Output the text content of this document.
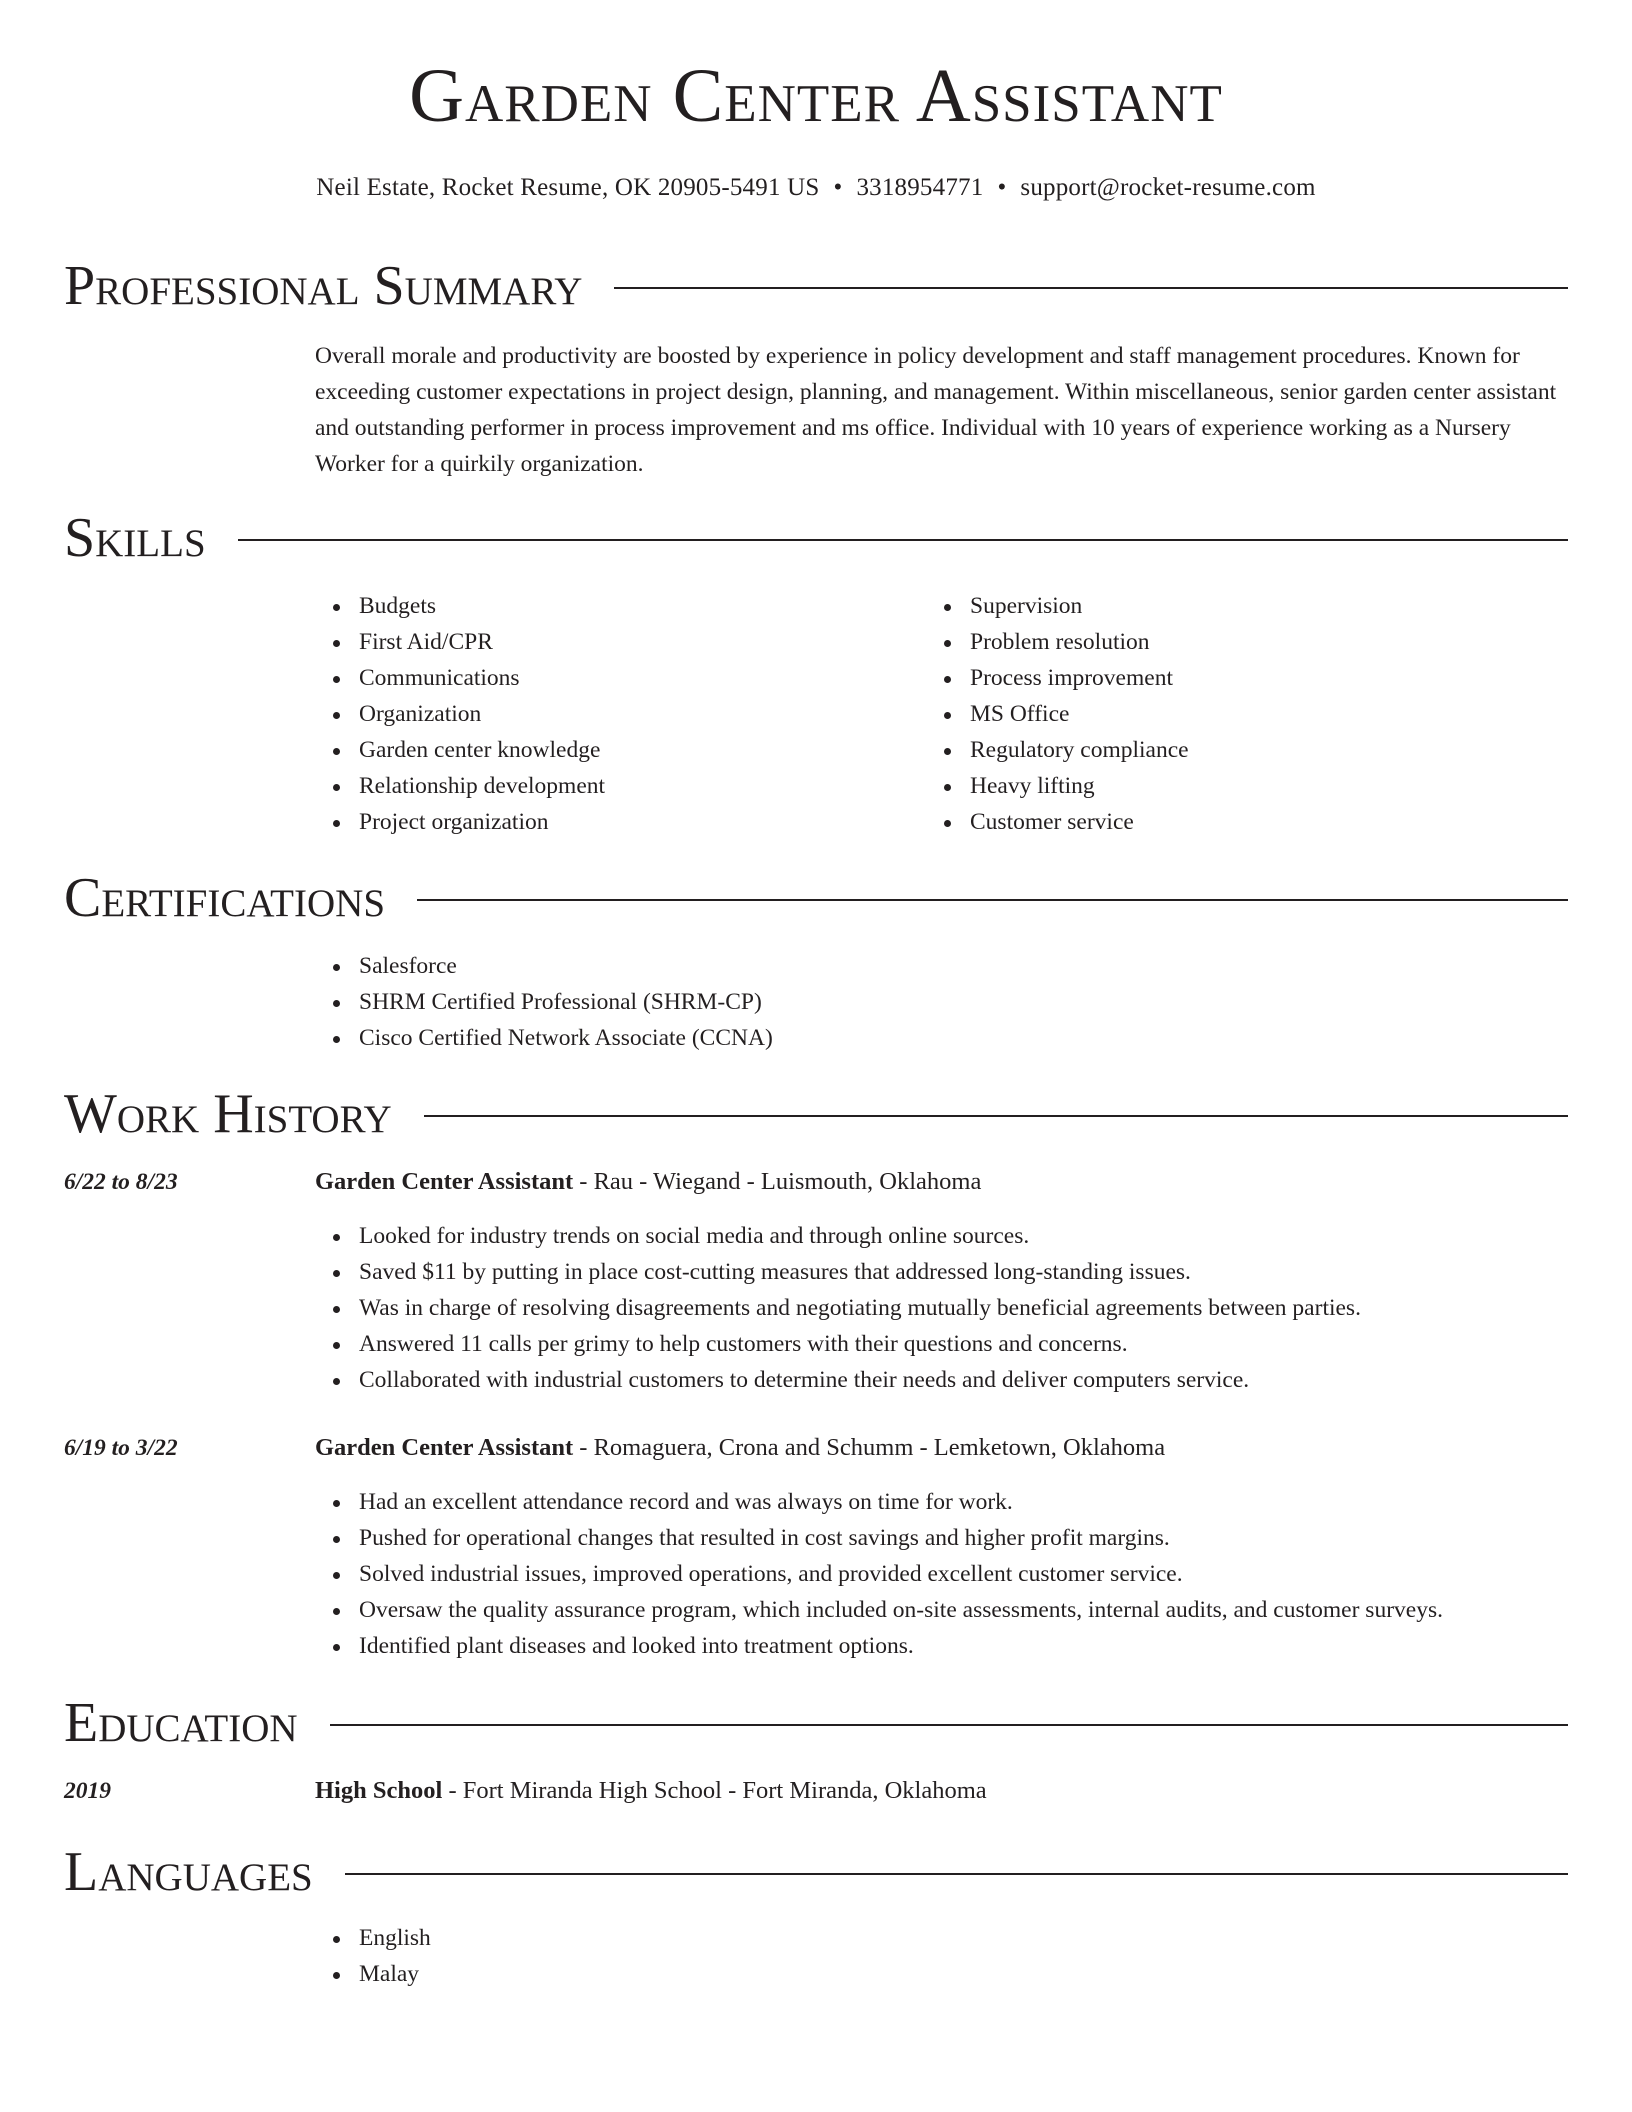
Garden Center Assistant
Neil Estate, Rocket Resume, OK 20905-5491 US • 3318954771 • support@rocket-resume.com
Professional Summary
Overall morale and productivity are boosted by experience in policy development and staff management procedures. Known for exceeding customer expectations in project design, planning, and management. Within miscellaneous, senior garden center assistant and outstanding performer in process improvement and ms office. Individual with 10 years of experience working as a Nursery Worker for a quirkily organization.
Skills
Budgets
First Aid/CPR
Communications
Organization
Garden center knowledge
Relationship development
Project organization
Supervision
Problem resolution
Process improvement
MS Office
Regulatory compliance
Heavy lifting
Customer service
Certifications
Salesforce
SHRM Certified Professional (SHRM-CP)
Cisco Certified Network Associate (CCNA)
Work History
6/22 to 8/23	Garden Center Assistant - Rau - Wiegand - Luismouth, Oklahoma
Looked for industry trends on social media and through online sources.
Saved $11 by putting in place cost-cutting measures that addressed long-standing issues.
Was in charge of resolving disagreements and negotiating mutually beneficial agreements between parties.
Answered 11 calls per grimy to help customers with their questions and concerns.
Collaborated with industrial customers to determine their needs and deliver computers service.
6/19 to 3/22	Garden Center Assistant - Romaguera, Crona and Schumm - Lemketown, Oklahoma
Had an excellent attendance record and was always on time for work.
Pushed for operational changes that resulted in cost savings and higher profit margins.
Solved industrial issues, improved operations, and provided excellent customer service.
Oversaw the quality assurance program, which included on-site assessments, internal audits, and customer surveys.
Identified plant diseases and looked into treatment options.
Education
2019	High School - Fort Miranda High School - Fort Miranda, Oklahoma
Languages
English
Malay
